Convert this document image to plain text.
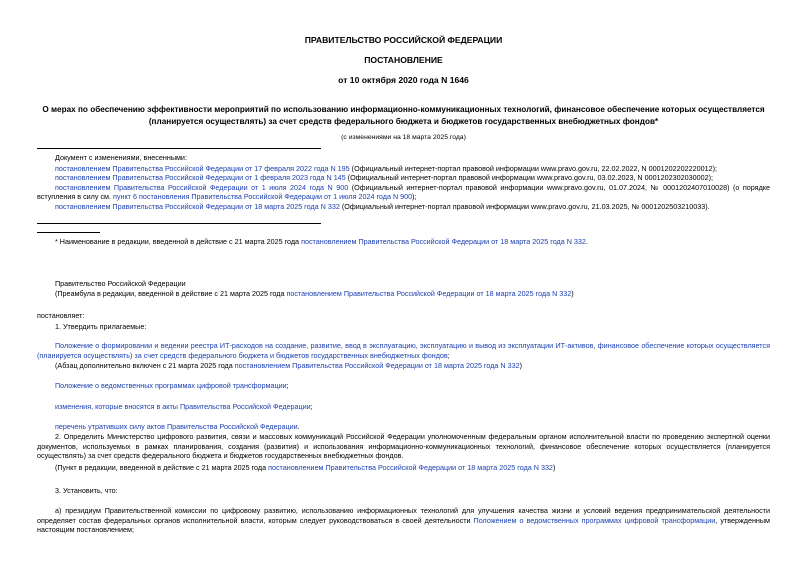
ПРАВИТЕЛЬСТВО РОССИЙСКОЙ ФЕДЕРАЦИИ
ПОСТАНОВЛЕНИЕ
от 10 октября 2020 года N 1646
О мерах по обеспечению эффективности мероприятий по использованию информационно-коммуникационных технологий, финансовое обеспечение которых осуществляется (планируется осуществлять) за счет средств федерального бюджета и бюджетов государственных внебюджетных фондов*
(с изменениями на 18 марта 2025 года)
Документ с изменениями, внесенными:
постановлением Правительства Российской Федерации от 17 февраля 2022 года N 195 (Официальный интернет-портал правовой информации www.pravo.gov.ru, 22.02.2022, N 0001202202220012);
постановлением Правительства Российской Федерации от 1 февраля 2023 года N 145 (Официальный интернет-портал правовой информации www.pravo.gov.ru, 03.02.2023, N 0001202302030002);
постановлением Правительства Российской Федерации от 1 июля 2024 года N 900 (Официальный интернет-портал правовой информации www.pravo.gov.ru, 01.07.2024, № 0001202407010028) (о порядке вступления в силу см. пункт 6 постановления Правительства Российской Федерации от 1 июля 2024 года N 900);
постановлением Правительства Российской Федерации от 18 марта 2025 года N 332 (Официальный интернет-портал правовой информации www.pravo.gov.ru, 21.03.2025, № 0001202503210033).
* Наименование в редакции, введенной в действие с 21 марта 2025 года постановлением Правительства Российской Федерации от 18 марта 2025 года N 332.
Правительство Российской Федерации
(Преамбула в редакции, введенной в действие с 21 марта 2025 года постановлением Правительства Российской Федерации от 18 марта 2025 года N 332)
постановляет:
1. Утвердить прилагаемые:
Положение о формировании и ведении реестра ИТ-расходов на создание, развитие, ввод в эксплуатацию, эксплуатацию и вывод из эксплуатации ИТ-активов, финансовое обеспечение которых осуществляется (планируется осуществлять) за счет средств федерального бюджета и бюджетов государственных внебюджетных фондов;
(Абзац дополнительно включен с 21 марта 2025 года постановлением Правительства Российской Федерации от 18 марта 2025 года N 332)
Положение о ведомственных программах цифровой трансформации;
изменения, которые вносятся в акты Правительства Российской Федерации;
перечень утративших силу актов Правительства Российской Федерации.
2. Определить Министерство цифрового развития, связи и массовых коммуникаций Российской Федерации уполномоченным федеральным органом исполнительной власти по проведению экспертной оценки документов, используемых в рамках планирования, создания (развития) и использования информационно-коммуникационных технологий, финансовое обеспечение которых осуществляется (планируется осуществлять) за счет средств федерального бюджета и бюджетов государственных внебюджетных фондов.
(Пункт в редакции, введенной в действие с 21 марта 2025 года постановлением Правительства Российской Федерации от 18 марта 2025 года N 332)
3. Установить, что:
а) президиум Правительственной комиссии по цифровому развитию, использованию информационных технологий для улучшения качества жизни и условий ведения предпринимательской деятельности определяет состав федеральных органов исполнительной власти, которым следует руководствоваться в своей деятельности Положением о ведомственных программах цифровой трансформации, утвержденным настоящим постановлением;
